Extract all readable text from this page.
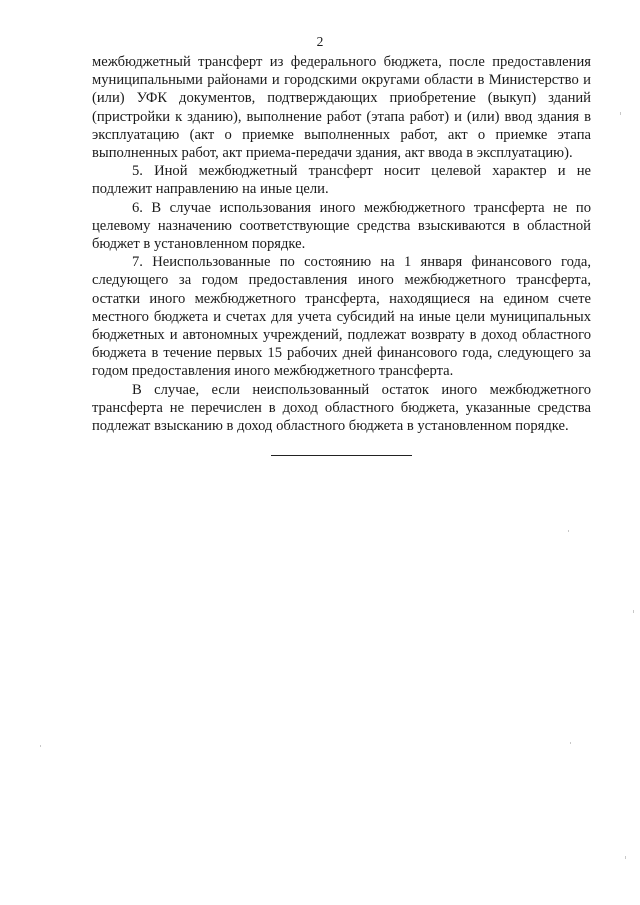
2

межбюджетный трансферт из федерального бюджета, после предоставления муниципальными районами и городскими округами области в Министерство и (или) УФК документов, подтверждающих приобретение (выкуп) зданий (пристройки к зданию), выполнение работ (этапа работ) и (или) ввод здания в эксплуатацию (акт о приемке выполненных работ, акт о приемке этапа выполненных работ, акт приема-передачи здания, акт ввода в эксплуатацию).

5. Иной межбюджетный трансферт носит целевой характер и не подлежит направлению на иные цели.

6. В случае использования иного межбюджетного трансферта не по целевому назначению соответствующие средства взыскиваются в областной бюджет в установленном порядке.

7. Неиспользованные по состоянию на 1 января финансового года, следующего за годом предоставления иного межбюджетного трансферта, остатки иного межбюджетного трансферта, находящиеся на едином счете местного бюджета и счетах для учета субсидий на иные цели муниципальных бюджетных и автономных учреждений, подлежат возврату в доход областного бюджета в течение первых 15 рабочих дней финансового года, следующего за годом предоставления иного межбюджетного трансферта.

В случае, если неиспользованный остаток иного межбюджетного трансферта не перечислен в доход областного бюджета, указанные средства подлежат взысканию в доход областного бюджета в установленном порядке.
